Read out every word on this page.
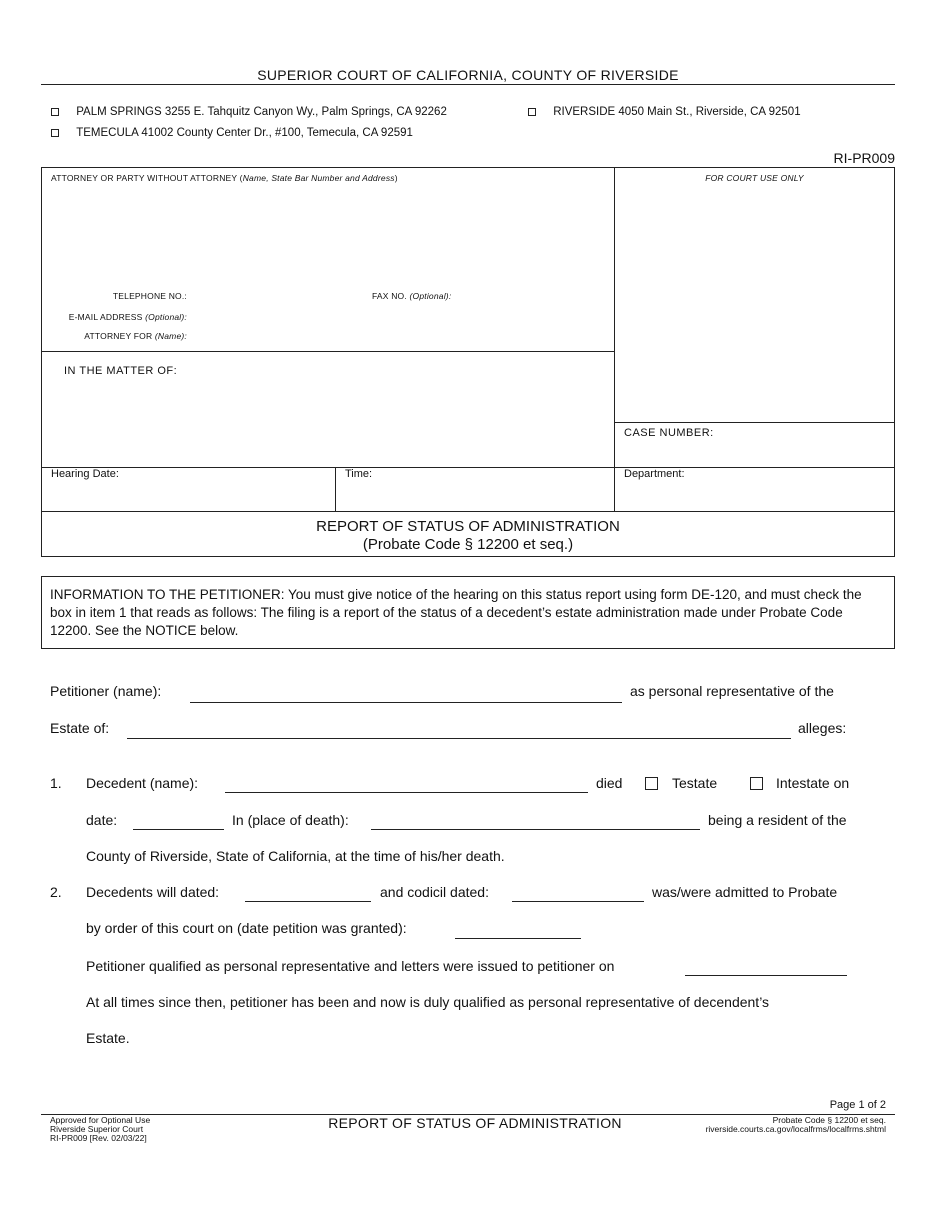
SUPERIOR COURT OF CALIFORNIA, COUNTY OF RIVERSIDE
PALM SPRINGS 3255 E. Tahquitz Canyon Wy., Palm Springs, CA 92262	RIVERSIDE 4050 Main St., Riverside, CA 92501
TEMECULA 41002 County Center Dr., #100, Temecula, CA 92591
RI-PR009
ATTORNEY OR PARTY WITHOUT ATTORNEY (Name, State Bar Number and Address)	FOR COURT USE ONLY
TELEPHONE NO.:	FAX NO. (Optional):
E-MAIL ADDRESS (Optional):
ATTORNEY FOR (Name):
IN THE MATTER OF:
CASE NUMBER:
Hearing Date:	Time:	Department:
REPORT OF STATUS OF ADMINISTRATION
(Probate Code § 12200 et seq.)
INFORMATION TO THE PETITIONER: You must give notice of the hearing on this status report using form DE-120, and must check the box in item 1 that reads as follows: The filing is a report of the status of a decedent’s estate administration made under Probate Code 12200. See the NOTICE below.
Petitioner (name):	as personal representative of the
Estate of:	alleges:
1. Decedent (name):	died	Testate	Intestate on
date:	In (place of death):	being a resident of the
County of Riverside, State of California, at the time of his/her death.
2. Decedents will dated:	and codicil dated:	was/were admitted to Probate
by order of this court on (date petition was granted):
Petitioner qualified as personal representative and letters were issued to petitioner on
At all times since then, petitioner has been and now is duly qualified as personal representative of decendent’s
Estate.
Page 1 of 2
Approved for Optional Use
Riverside Superior Court
RI-PR009 [Rev. 02/03/22]
REPORT OF STATUS OF ADMINISTRATION	Probate Code § 12200 et seq.
riverside.courts.ca.gov/localfrms/localfrms.shtml
